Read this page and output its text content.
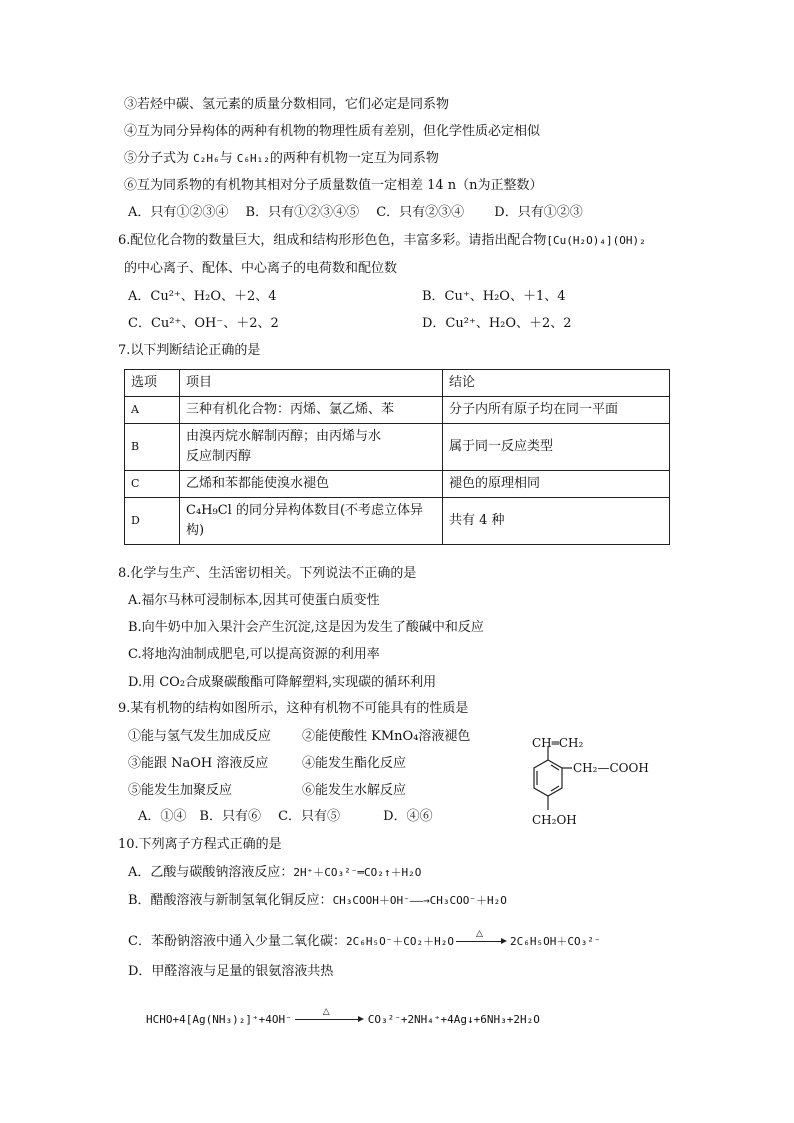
③若烃中碳、氢元素的质量分数相同，它们必定是同系物
④互为同分异构体的两种有机物的物理性质有差别，但化学性质必定相似
⑤分子式为 C₂H₆与 C₆H₁₂的两种有机物一定互为同系物
⑥互为同系物的有机物其相对分子质量数值一定相差 14 n（n为正整数）
A．只有①②③④　 B．只有①②③④⑤　 C．只有②③④　　 D．只有①②③
6.配位化合物的数量巨大，组成和结构形形色色，丰富多彩。请指出配合物[Cu(H₂O)₄](OH)₂
的中心离子、配体、中心离子的电荷数和配位数
A．Cu²⁺、H₂O、＋2、4	B．Cu⁺、H₂O、＋1、4
C．Cu²⁺、OH⁻、＋2、2	D．Cu²⁺、H₂O、＋2、2
7.以下判断结论正确的是
选项	项目	结论
A	三种有机化合物：丙烯、氯乙烯、苯	分子内所有原子均在同一平面
B	由溴丙烷水解制丙醇；由丙烯与水
反应制丙醇	属于同一反应类型
C	乙烯和苯都能使溴水褪色	褪色的原理相同
D	C₄H₉Cl 的同分异构体数目(不考虑立体异
构)	共有 4 种
8.化学与生产、生活密切相关。下列说法不正确的是
A.福尔马林可浸制标本,因其可使蛋白质变性
B.向牛奶中加入果汁会产生沉淀,这是因为发生了酸碱中和反应
C.将地沟油制成肥皂,可以提高资源的利用率
D.用 CO₂合成聚碳酸酯可降解塑料,实现碳的循环利用
9.某有机物的结构如图所示，这种有机物不可能具有的性质是
①能与氢气发生加成反应 ②能使酸性 KMnO₄溶液褪色
③能跟 NaOH 溶液反应	④能发生酯化反应
⑤能发生加聚反应	⑥能发生水解反应
A．①④　B．只有⑥　 C．只有⑤　　　 D．④⑥
CH═CH₂
CH₂—COOH
CH₂OH
10.下列离子方程式正确的是
A．乙酸与碳酸钠溶液反应：2H⁺＋CO₃²⁻═CO₂↑＋H₂O
B．醋酸溶液与新制氢氧化铜反应：CH₃COOH＋OH⁻——→CH₃COO⁻＋H₂O
C．苯酚钠溶液中通入少量二氧化碳：2C₆H₅O⁻＋CO₂＋H₂O
△
2C₆H₅OH＋CO₃²⁻
D．甲醛溶液与足量的银氨溶液共热
HCHO+4[Ag(NH₃)₂]⁺+4OH⁻
△
CO₃²⁻+2NH₄⁺+4Ag↓+6NH₃+2H₂O
